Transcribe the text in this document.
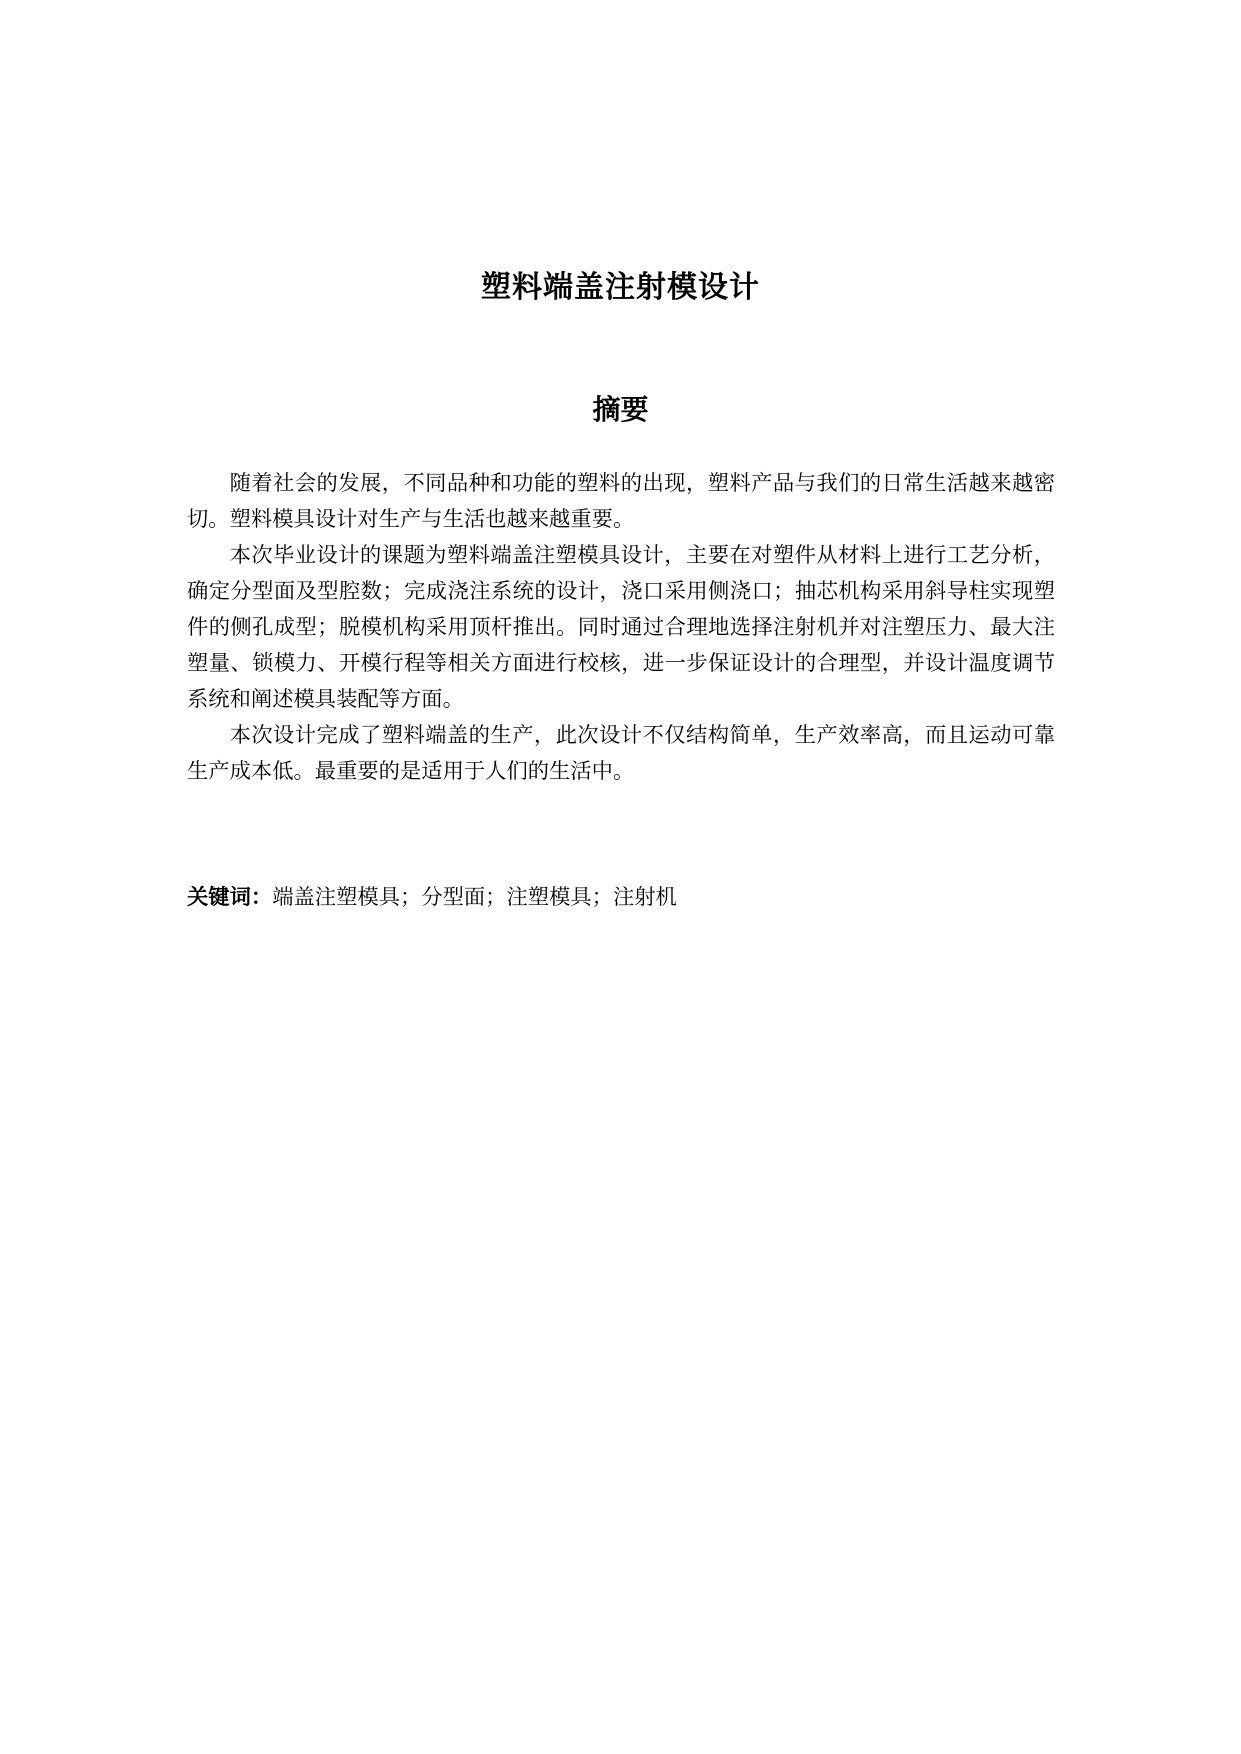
塑料端盖注射模设计
摘要

随着社会的发展，不同品种和功能的塑料的出现，塑料产品与我们的日常生活越来越密切。塑料模具设计对生产与生活也越来越重要。

本次毕业设计的课题为塑料端盖注塑模具设计，主要在对塑件从材料上进行工艺分析，确定分型面及型腔数；完成浇注系统的设计，浇口采用侧浇口；抽芯机构采用斜导柱实现塑件的侧孔成型；脱模机构采用顶杆推出。同时通过合理地选择注射机并对注塑压力、最大注塑量、锁模力、开模行程等相关方面进行校核，进一步保证设计的合理型，并设计温度调节系统和阐述模具装配等方面。

本次设计完成了塑料端盖的生产，此次设计不仅结构简单，生产效率高，而且运动可靠生产成本低。最重要的是适用于人们的生活中。

关键词：端盖注塑模具；分型面；注塑模具；注射机
